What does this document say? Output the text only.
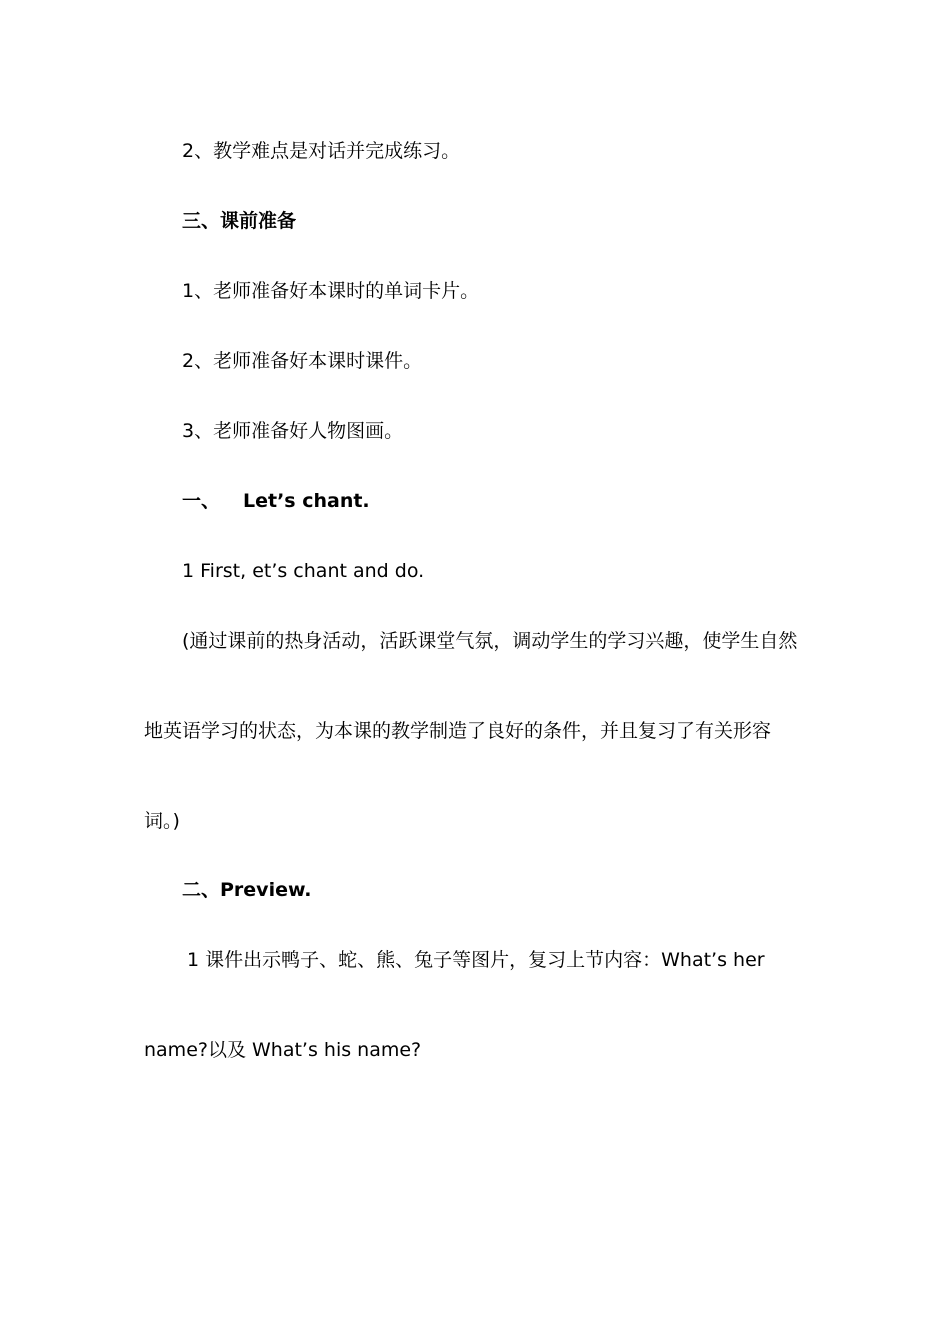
2、教学难点是对话并完成练习。
三、课前准备
1、老师准备好本课时的单词卡片。
2、老师准备好本课时课件。
3、老师准备好人物图画。
一、 Let’s chant.
1 First, et’s chant and do.
(通过课前的热身活动，活跃课堂气氛，调动学生的学习兴趣，使学生自然
地英语学习的状态，为本课的教学制造了良好的条件，并且复习了有关形容
词。)
二、Preview.
1 课件出示鸭子、蛇、熊、兔子等图片，复习上节内容：What’s her
name?以及 What’s his name?
